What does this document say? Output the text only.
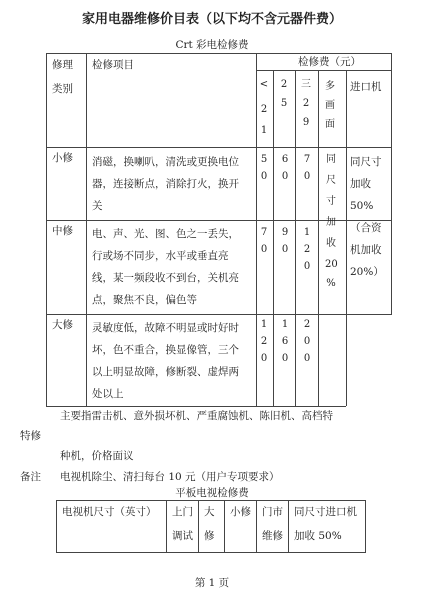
家用电器维修价目表（以下均不含元器件费）
Crt 彩电检修费
修理
类别
检修项目	检修费（元）
<
2
1
2
5
三
2
9
多
画
面
进口机
小修 消磁，换喇叭，清洗或更换电位
器，连接断点，消除打火，换开
关
5
0
6
0
7
0
中修 电、声、光、图、色之一丢失，
行或场不同步，水平或垂直亮
线，某一频段收不到台，关机亮
点，聚焦不良，偏色等
7
0
9
0
1
2
0
大修 灵敏度低，故障不明显或时好时
坏，色不重合，换显像管，三个
以上明显故障，修断裂、虚焊两
处以上
1
2
0
1
6
0
2
0
0
同
尺
寸
加
收
20
%
同尺寸
加收
50%
（合资
机加收
20%）
主要指雷击机、意外损坏机、严重腐蚀机、陈旧机、高档特
特修
种机，价格面议
备注 电视机除尘、清扫每台 10 元（用户专项要求）
平板电视检修费
电视机尺寸（英寸） 上门
调试
大
修
小修 门市
维修
同尺寸进口机
加收 50%
第 1 页
